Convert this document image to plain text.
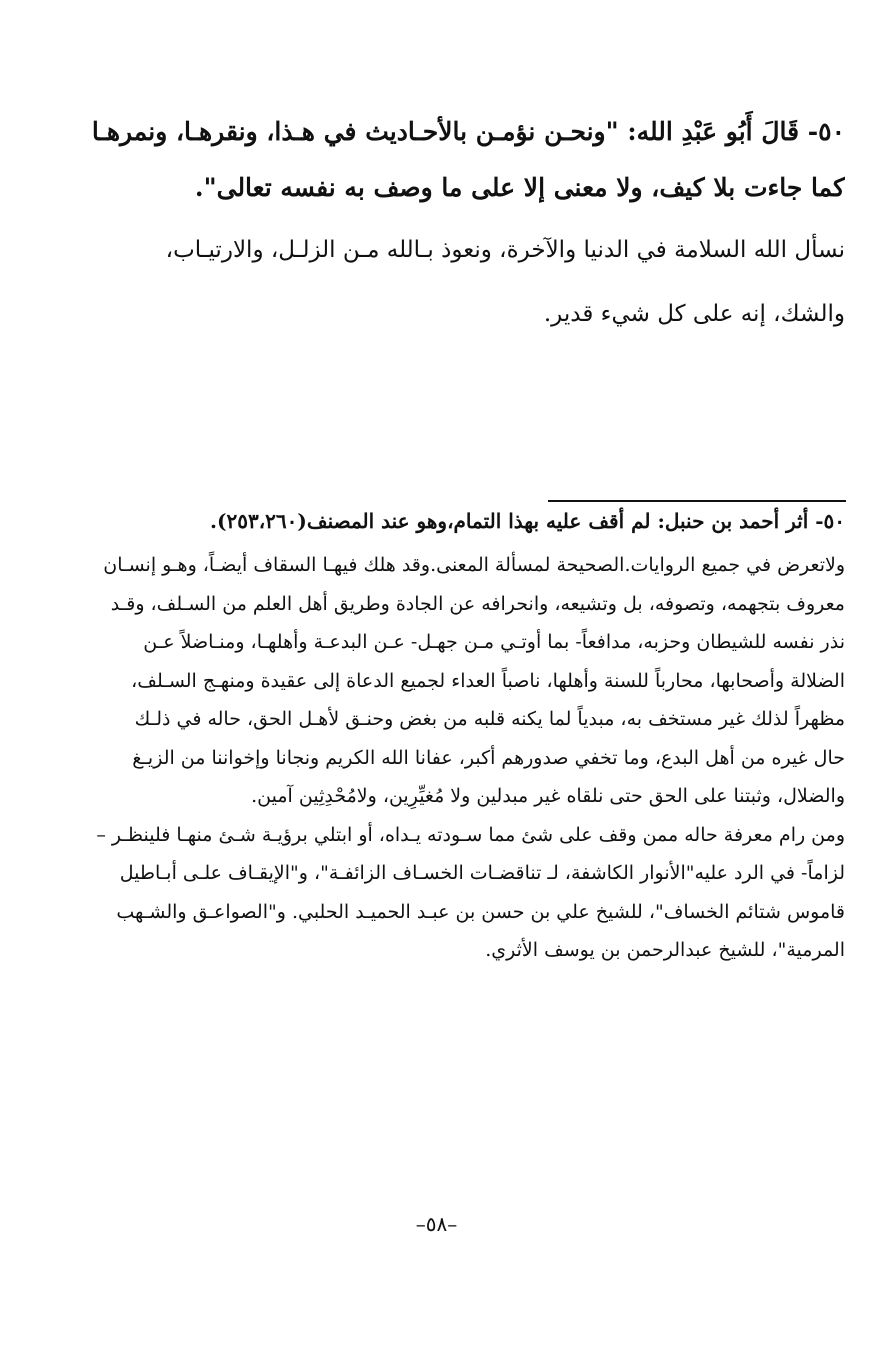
٥٠- قَالَ أَبُو عَبْدِ الله: "ونحـن نؤمـن بالأحـاديث في هـذا، ونقرهـا، ونمرهـا
كما جاءت بلا كيف، ولا معنى إلا على ما وصف به نفسه تعالى".
نسأل الله السلامة في الدنيا والآخرة، ونعوذ بـالله مـن الزلـل، والارتيـاب،
والشك، إنه على كل شيء قدير.
٥٠- أثر أحمد بن حنبل: لم أقف عليه بهذا التمام،وهو عند المصنف(٢٥٣،٢٦٠).
ولاتعرض في جميع الروايات.الصحيحة لمسألة المعنى.وقد هلك فيهـا السقاف أيضـاً، وهـو إنسـان
معروف بتجهمه، وتصوفه، بل وتشيعه، وانحرافه عن الجادة وطريق أهل العلم من السـلف، وقـد
نذر نفسه للشيطان وحزبه، مدافعاً- بما أوتـي مـن جهـل- عـن البدعـة وأهلهـا، ومنـاضلاً عـن
الضلالة وأصحابها، محارباً للسنة وأهلها، ناصباً العداء لجميع الدعاة إلى عقيدة ومنهـج السـلف،
مظهراً لذلك غير مستخف به، مبدياً لما يكنه قلبه من بغض وحنـق لأهـل الحق، حاله في ذلـك
حال غيره من أهل البدع، وما تخفي صدورهم أكبر، عفانا الله الكريم ونجانا وإخواننا من الزيـغ
والضلال، وثبتنا على الحق حتى نلقاه غير مبدلين ولا مُغيِّرِين، ولامُحْدِثِين آمين.
ومن رام معرفة حاله ممن وقف على شئ مما سـودته يـداه، أو ابتلي برؤيـة شـئ منهـا فلينظـر –
لزاماً- في الرد عليه"الأنوار الكاشفة، لـ تناقضـات الخسـاف الزائفـة"، و"الإيقـاف علـى أبـاطيل
قاموس شتائم الخساف"، للشيخ علي بن حسن بن عبـد الحميـد الحلبي. و"الصواعـق والشـهب
المرمية"، للشيخ عبدالرحمن بن يوسف الأثري.
–٥٨–
